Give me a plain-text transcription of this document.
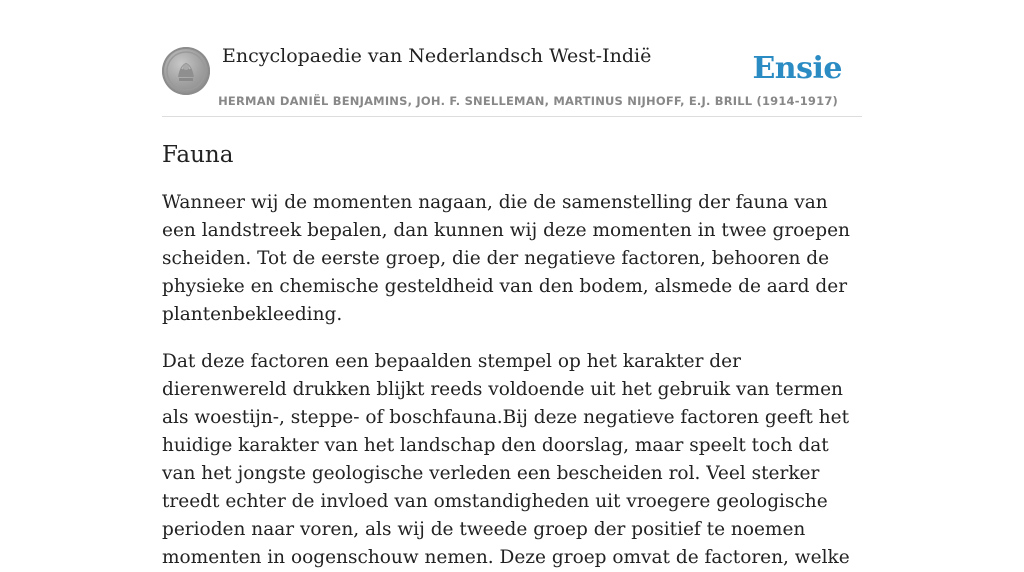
Encyclopaedie van Nederlandsch West-Indië	Ensie
HERMAN DANIËL BENJAMINS, JOH. F. SNELLEMAN, MARTINUS NIJHOFF, E.J. BRILL (1914-1917)
Fauna

Wanneer wij de momenten nagaan, die de samenstelling der fauna van een landstreek bepalen, dan kunnen wij deze momenten in twee groepen scheiden. Tot de eerste groep, die der negatieve factoren, behooren de physieke en chemische gesteldheid van den bodem, alsmede de aard der plantenbekleeding.

Dat deze factoren een bepaalden stempel op het karakter der dierenwereld drukken blijkt reeds voldoende uit het gebruik van termen als woestijn-, steppe- of boschfauna.Bij deze negatieve factoren geeft het huidige karakter van het landschap den doorslag, maar speelt toch dat van het jongste geologische verleden een bescheiden rol. Veel sterker treedt echter de invloed van omstandigheden uit vroegere geologische perioden naar voren, als wij de tweede groep der positief te noemen momenten in oogenschouw nemen. Deze groep omvat de factoren, welke
